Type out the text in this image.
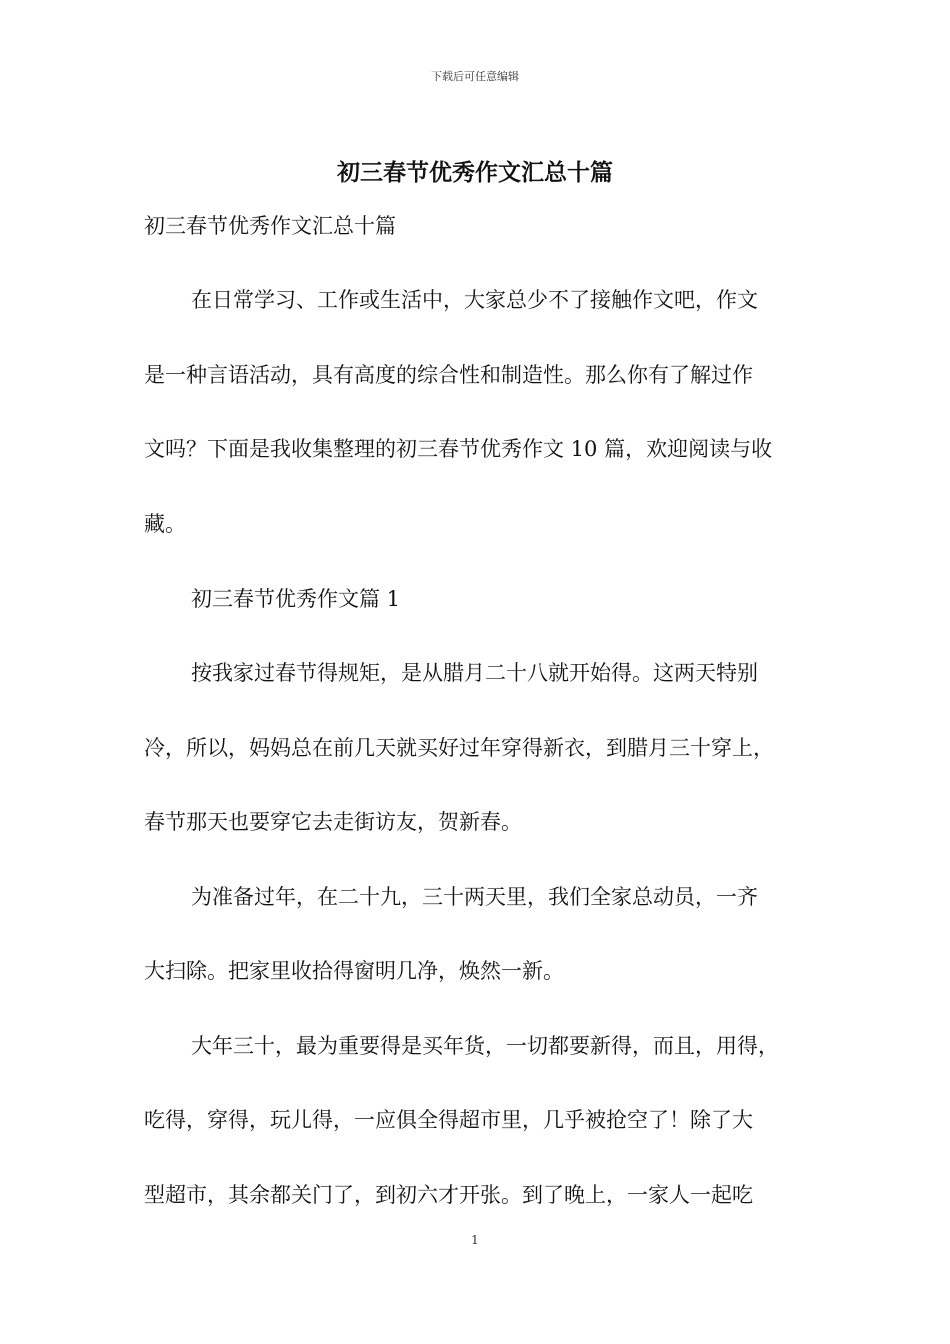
下载后可任意编辑
初三春节优秀作文汇总十篇
初三春节优秀作文汇总十篇
在日常学习、工作或生活中，大家总少不了接触作文吧，作文
是一种言语活动，具有高度的综合性和制造性。那么你有了解过作
文吗？下面是我收集整理的初三春节优秀作文 10 篇，欢迎阅读与收
藏。
初三春节优秀作文篇 1
按我家过春节得规矩，是从腊月二十八就开始得。这两天特别
冷，所以，妈妈总在前几天就买好过年穿得新衣，到腊月三十穿上，
春节那天也要穿它去走街访友，贺新春。
为准备过年，在二十九，三十两天里，我们全家总动员，一齐
大扫除。把家里收拾得窗明几净，焕然一新。
大年三十，最为重要得是买年货，一切都要新得，而且，用得，
吃得，穿得，玩儿得，一应俱全得超市里，几乎被抢空了！除了大
型超市，其余都关门了，到初六才开张。到了晚上，一家人一起吃
1
